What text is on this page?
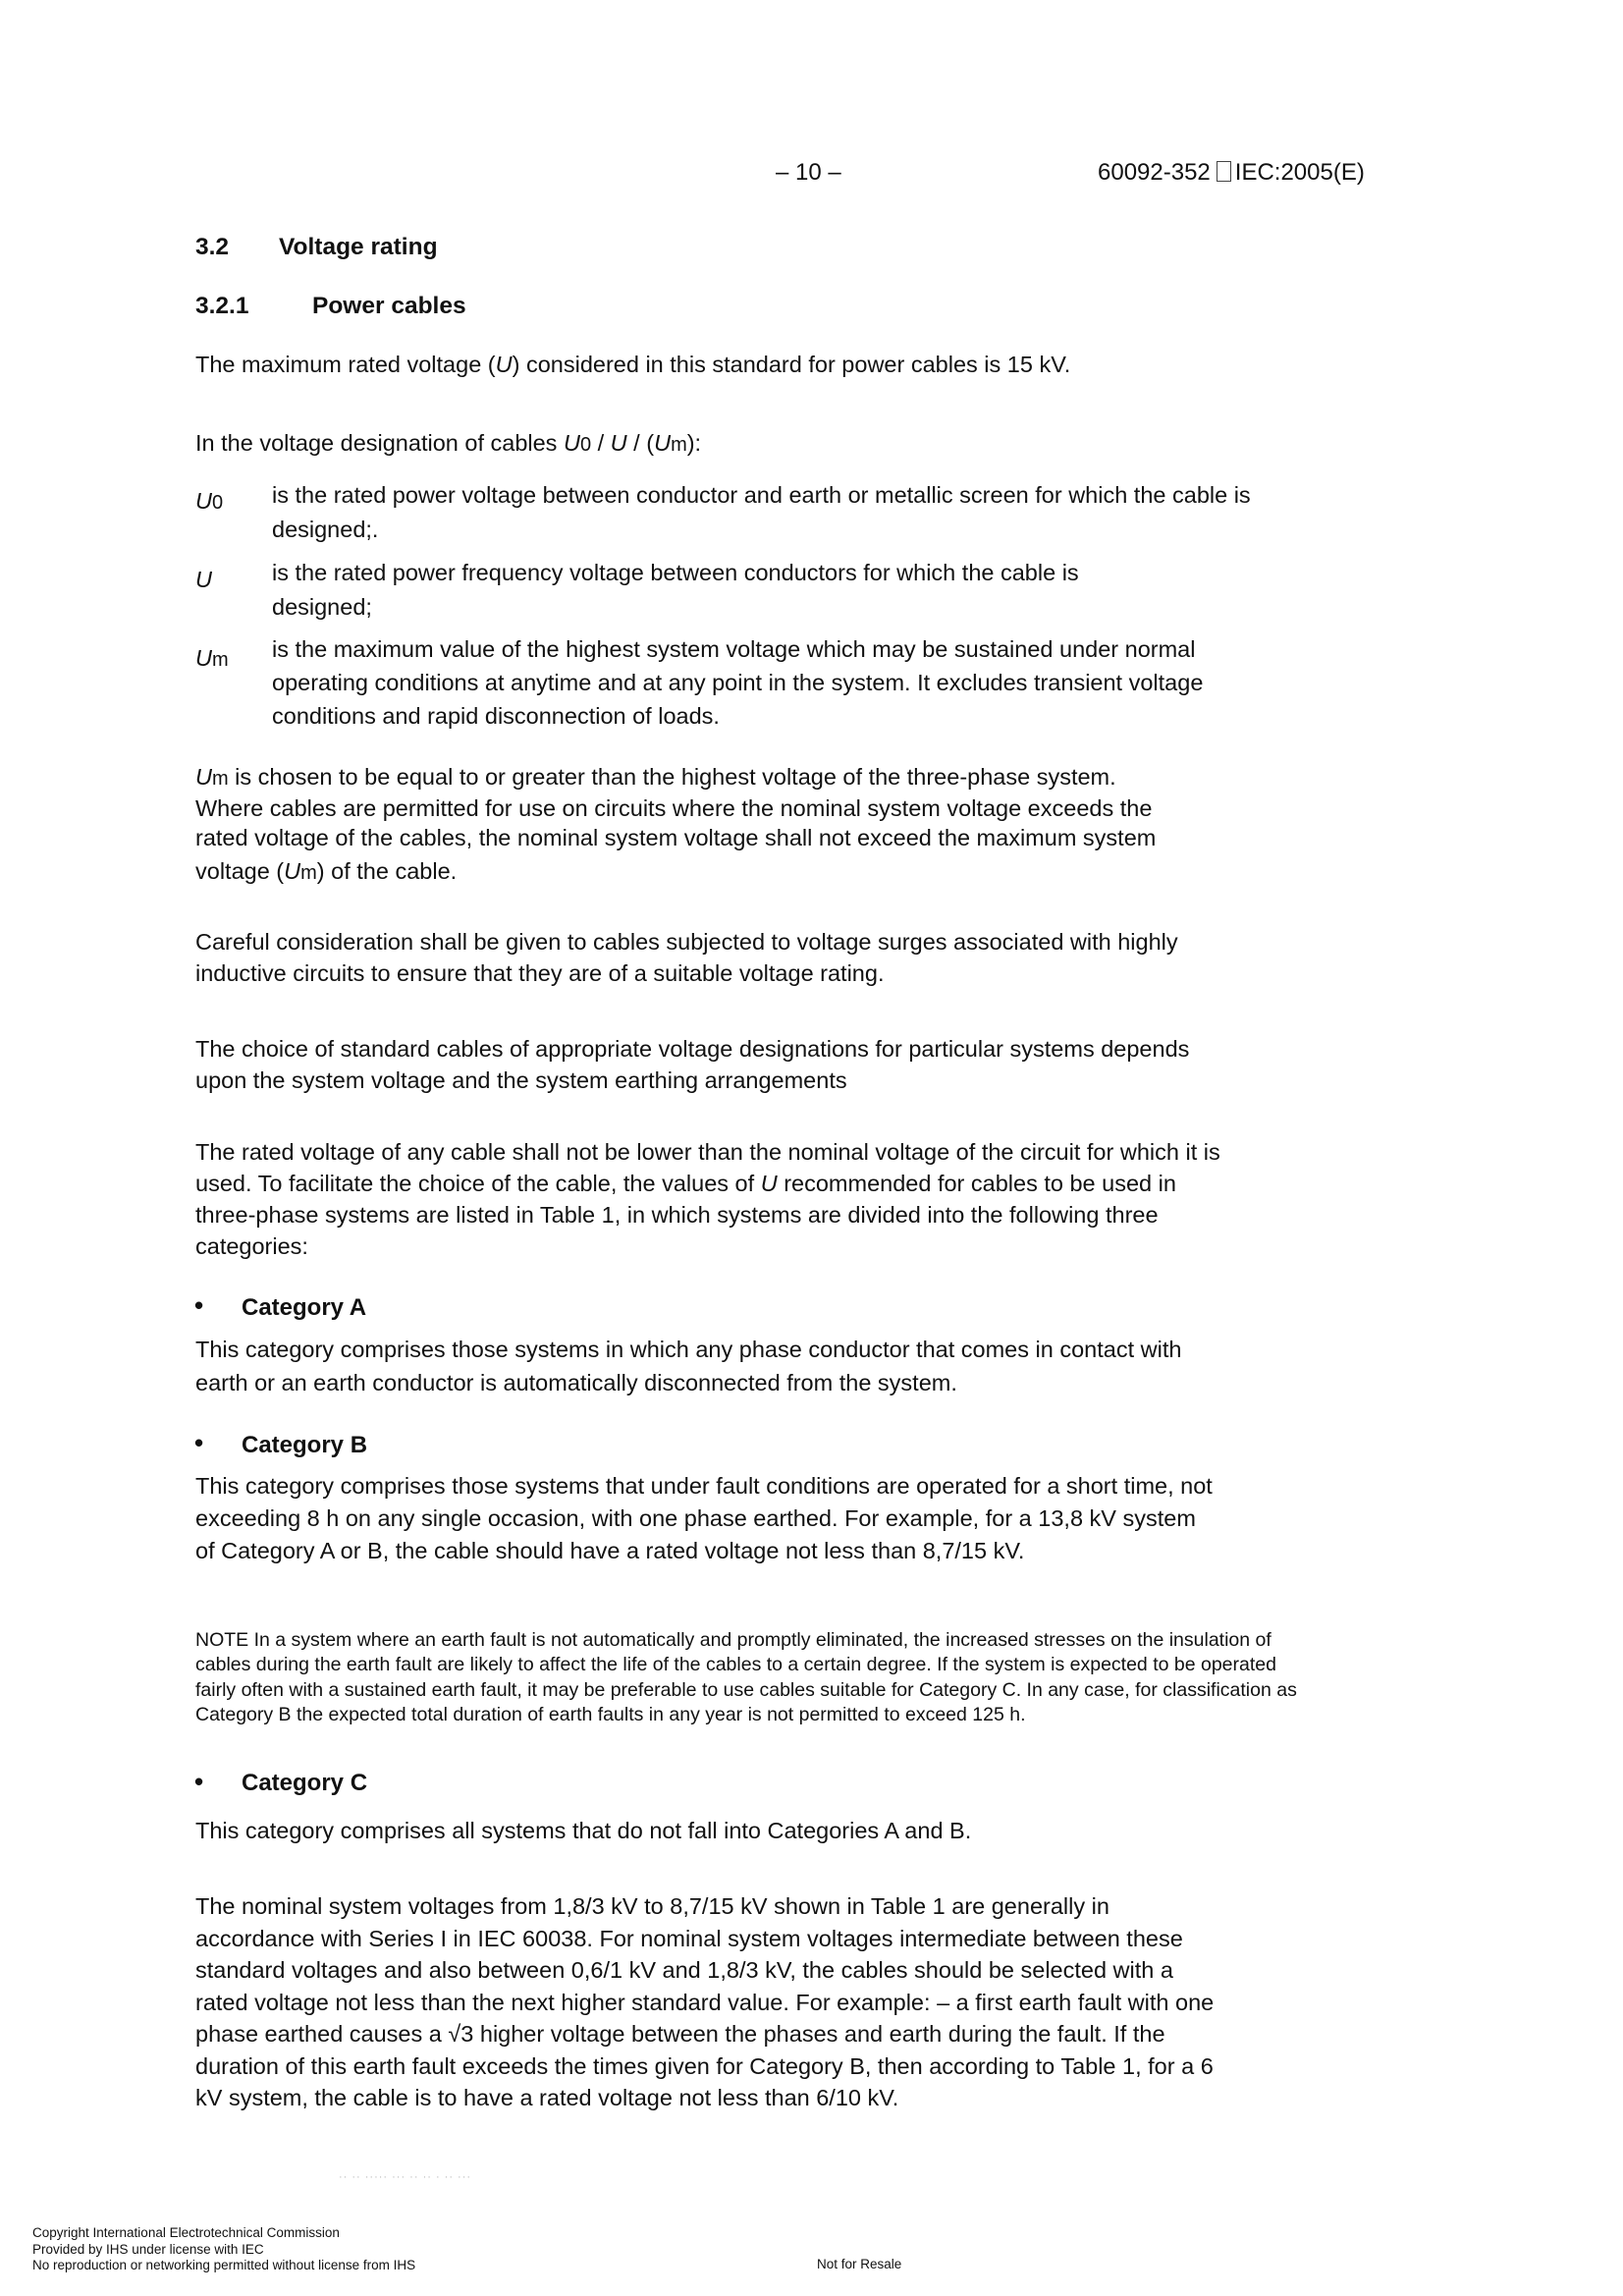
– 10 –	60092-352 IEC:2005(E)
3.2 Voltage rating
3.2.1	Power cables

The maximum rated voltage (U) considered in this standard for power cables is 15 kV.

In the voltage designation of cables U0 / U / (Um):

U0 is the rated power voltage between conductor and earth or metallic screen for which the cable is designed;.

U	is the rated power frequency voltage between conductors for which the cable is designed;

Um is the maximum value of the highest system voltage which may be sustained under normal operating conditions at anytime and at any point in the system. It excludes transient voltage conditions and rapid disconnection of loads.

Um is chosen to be equal to or greater than the highest voltage of the three-phase system.

Where cables are permitted for use on circuits where the nominal system voltage exceeds the

rated voltage of the cables, the nominal system voltage shall not exceed the maximum system

voltage (Um) of the cable.

Careful consideration shall be given to cables subjected to voltage surges associated with highly inductive circuits to ensure that they are of a suitable voltage rating.

The choice of standard cables of appropriate voltage designations for particular systems depends upon the system voltage and the system earthing arrangements

The rated voltage of any cable shall not be lower than the nominal voltage of the circuit for which it is used. To facilitate the choice of the cable, the values of U recommended for cables to be used in three-phase systems are listed in Table 1, in which systems are divided into the following three categories:

• Category A

This category comprises those systems in which any phase conductor that comes in contact with earth or an earth conductor is automatically disconnected from the system.

• Category B

This category comprises those systems that under fault conditions are operated for a short time, not exceeding 8 h on any single occasion, with one phase earthed. For example, for a 13,8 kV system of Category A or B, the cable should have a rated voltage not less than 8,7/15 kV.

NOTE In a system where an earth fault is not automatically and promptly eliminated, the increased stresses on the insulation of cables during the earth fault are likely to affect the life of the cables to a certain degree. If the system is expected to be operated fairly often with a sustained earth fault, it may be preferable to use cables suitable for Category C. In any case, for classification as Category B the expected total duration of earth faults in any year is not permitted to exceed 125 h.

• Category C

This category comprises all systems that do not fall into Categories A and B.

The nominal system voltages from 1,8/3 kV to 8,7/15 kV shown in Table 1 are generally in accordance with Series I in IEC 60038. For nominal system voltages intermediate between these standard voltages and also between 0,6/1 kV and 1,8/3 kV, the cables should be selected with a rated voltage not less than the next higher standard value. For example: – a first earth fault with one phase earthed causes a √3 higher voltage between the phases and earth during the fault. If the duration of this earth fault exceeds the times given for Category B, then according to Table 1, for a 6 kV system, the cable is to have a rated voltage not less than 6/10 kV.

·· ·· ····· ··· ·· ·· · ·· ···
Copyright International Electrotechnical Commission
Provided by IHS under license with IEC
No reproduction or networking permitted without license from IHS	Not for Resale
